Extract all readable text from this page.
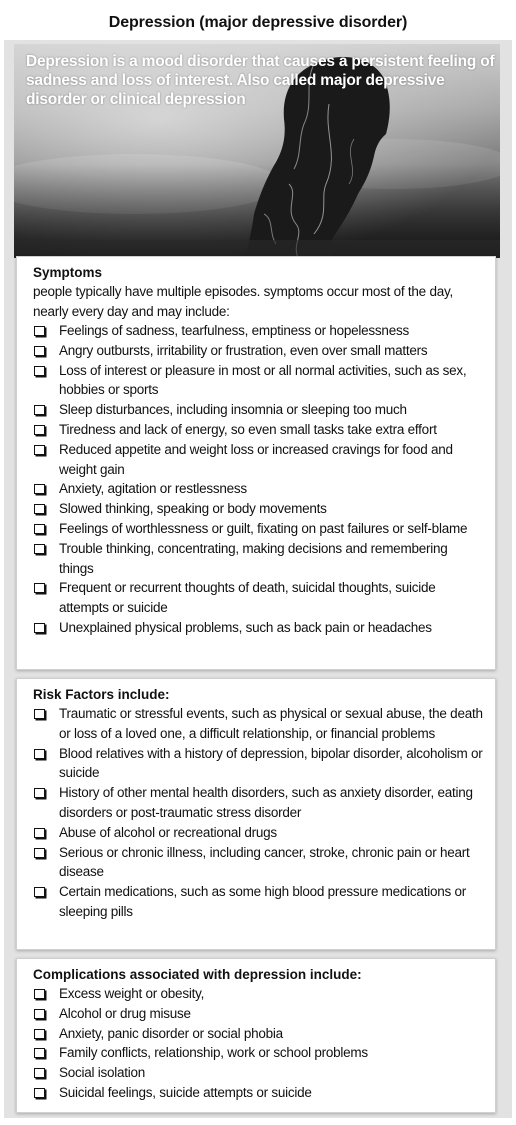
Depression (major depressive disorder)
Depression is a mood disorder that causes a persistent feeling of sadness and loss of interest. Also called major depressive disorder or clinical depression
Symptoms
people typically have multiple episodes. symptoms occur most of the day, nearly every day and may include:
Feelings of sadness, tearfulness, emptiness or hopelessness
Angry outbursts, irritability or frustration, even over small matters
Loss of interest or pleasure in most or all normal activities, such as sex, hobbies or sports
Sleep disturbances, including insomnia or sleeping too much
Tiredness and lack of energy, so even small tasks take extra effort
Reduced appetite and weight loss or increased cravings for food and weight gain
Anxiety, agitation or restlessness
Slowed thinking, speaking or body movements
Feelings of worthlessness or guilt, fixating on past failures or self-blame
Trouble thinking, concentrating, making decisions and remembering things
Frequent or recurrent thoughts of death, suicidal thoughts, suicide attempts or suicide
Unexplained physical problems, such as back pain or headaches
Risk Factors include:
Traumatic or stressful events, such as physical or sexual abuse, the death or loss of a loved one, a difficult relationship, or financial problems
Blood relatives with a history of depression, bipolar disorder, alcoholism or suicide
History of other mental health disorders, such as anxiety disorder, eating disorders or post-traumatic stress disorder
Abuse of alcohol or recreational drugs
Serious or chronic illness, including cancer, stroke, chronic pain or heart disease
Certain medications, such as some high blood pressure medications or sleeping pills
Complications associated with depression include:
Excess weight or obesity,
Alcohol or drug misuse
Anxiety, panic disorder or social phobia
Family conflicts, relationship, work or school problems
Social isolation
Suicidal feelings, suicide attempts or suicide
